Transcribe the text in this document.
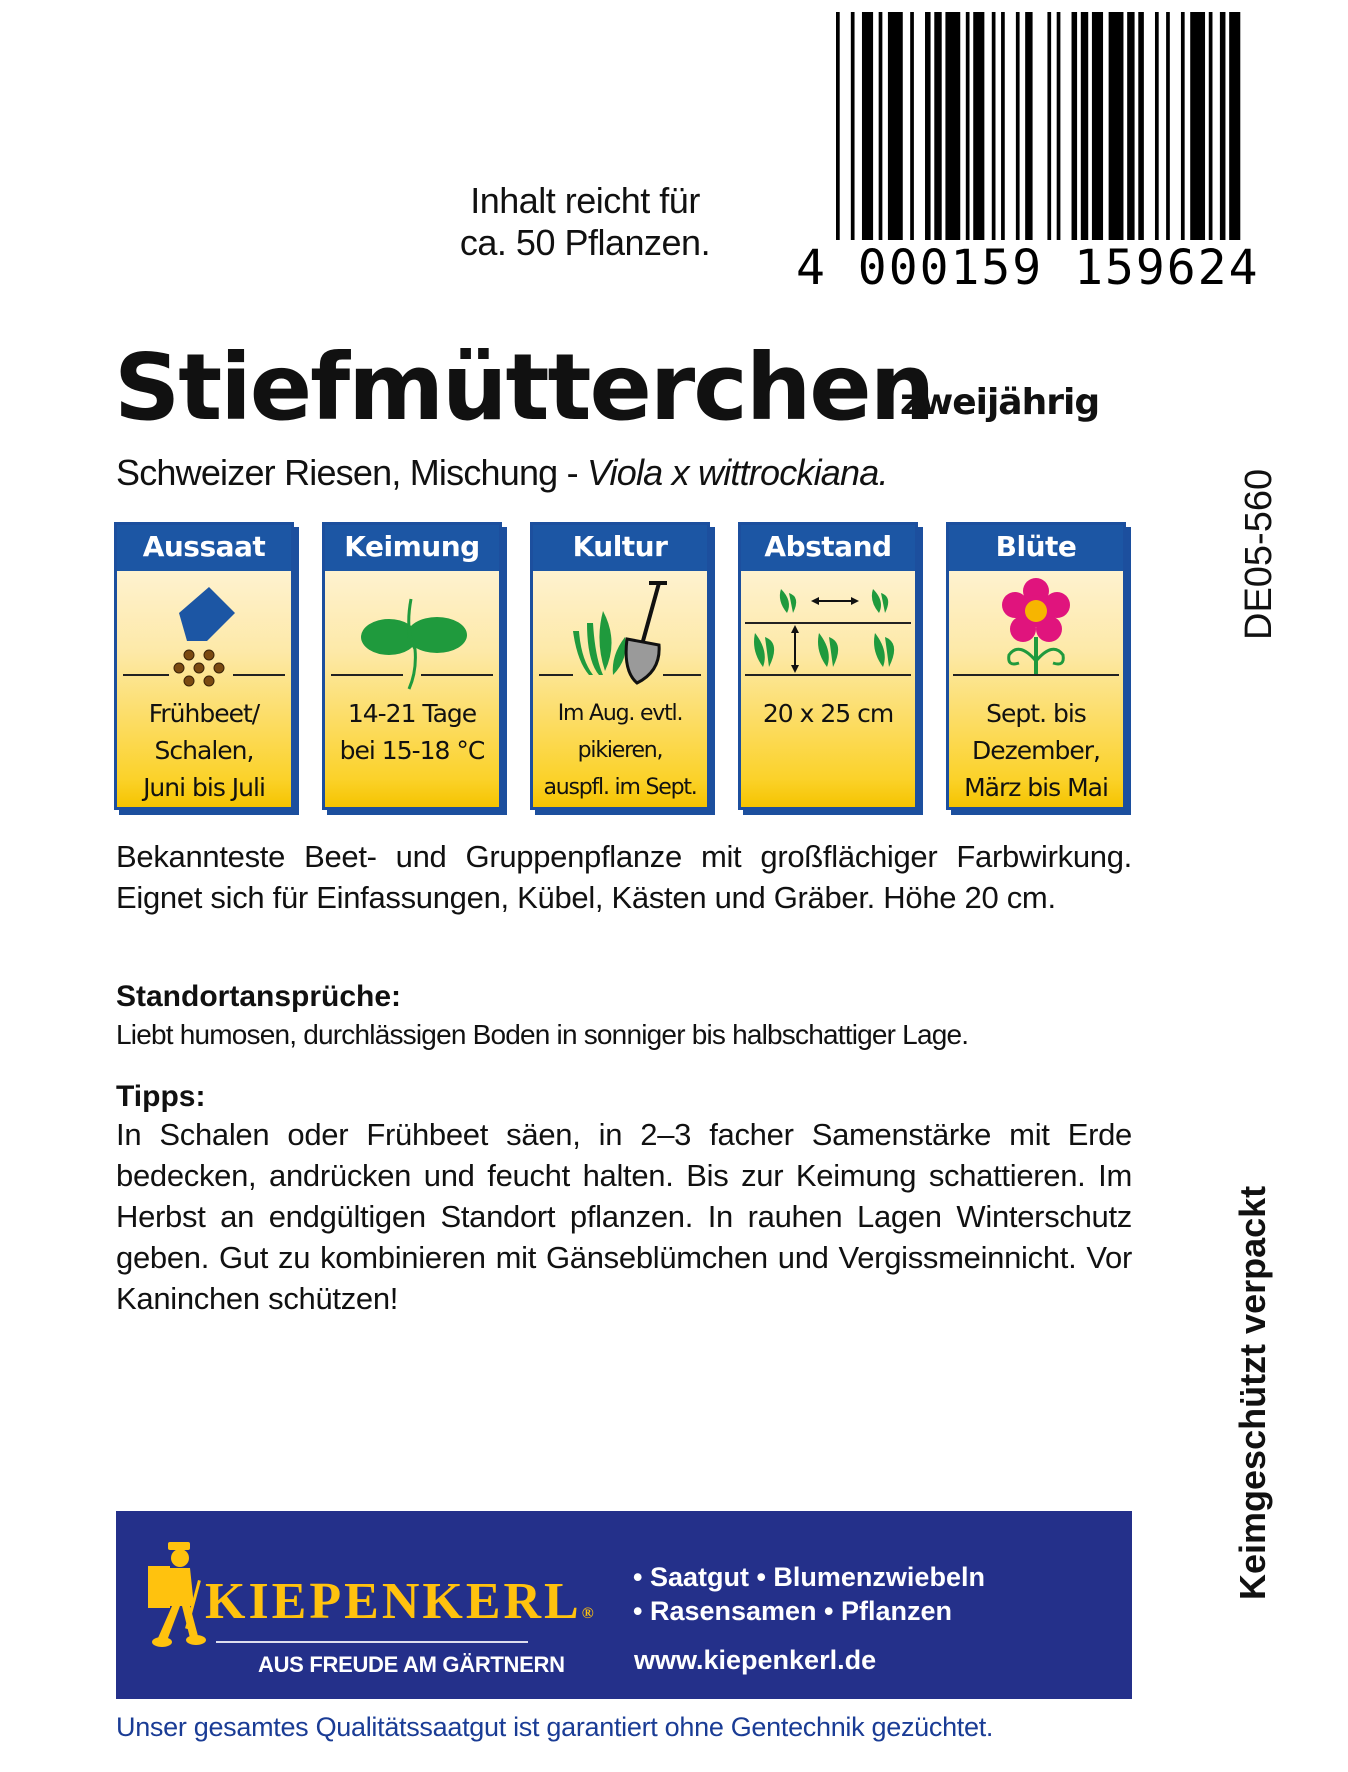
Inhalt reicht für
ca. 50 Pflanzen.	4 000159 159624
Stiefmütterchen
zweijährig
Schweizer Riesen, Mischung - Viola x wittrockiana.	DE05-560
Keimgeschützt verpackt
Aussaat
Frühbeet/
Schalen,
Juni bis Juli
Keimung
14-21 Tage
bei 15-18 °C
Kultur
Im Aug. evtl.
pikieren,
auspfl. im Sept.
Abstand
20 x 25 cm
Blüte
Sept. bis
Dezember,
März bis Mai
Bekannteste Beet- und Gruppenpflanze mit großflächiger Farbwirkung. Eignet sich für Einfassungen, Kübel, Kästen und Gräber. Höhe 20 cm.
Standortansprüche:
Liebt humosen, durchlässigen Boden in sonniger bis halbschattiger Lage.
Tipps:
In Schalen oder Frühbeet säen, in 2–3 facher Samenstärke mit Erde bedecken, andrücken und feucht halten. Bis zur Keimung schattieren. Im Herbst an endgültigen Standort pflanzen. In rauhen Lagen Winterschutz geben. Gut zu kombinieren mit Gänseblümchen und Vergissmeinnicht. Vor Kaninchen schützen!
KIEPENKERL®
AUS FREUDE AM GÄRTNERN
• Saatgut • Blumenzwiebeln
• Rasensamen • Pflanzen
www.kiepenkerl.de
Unser gesamtes Qualitätssaatgut ist garantiert ohne Gentechnik gezüchtet.
